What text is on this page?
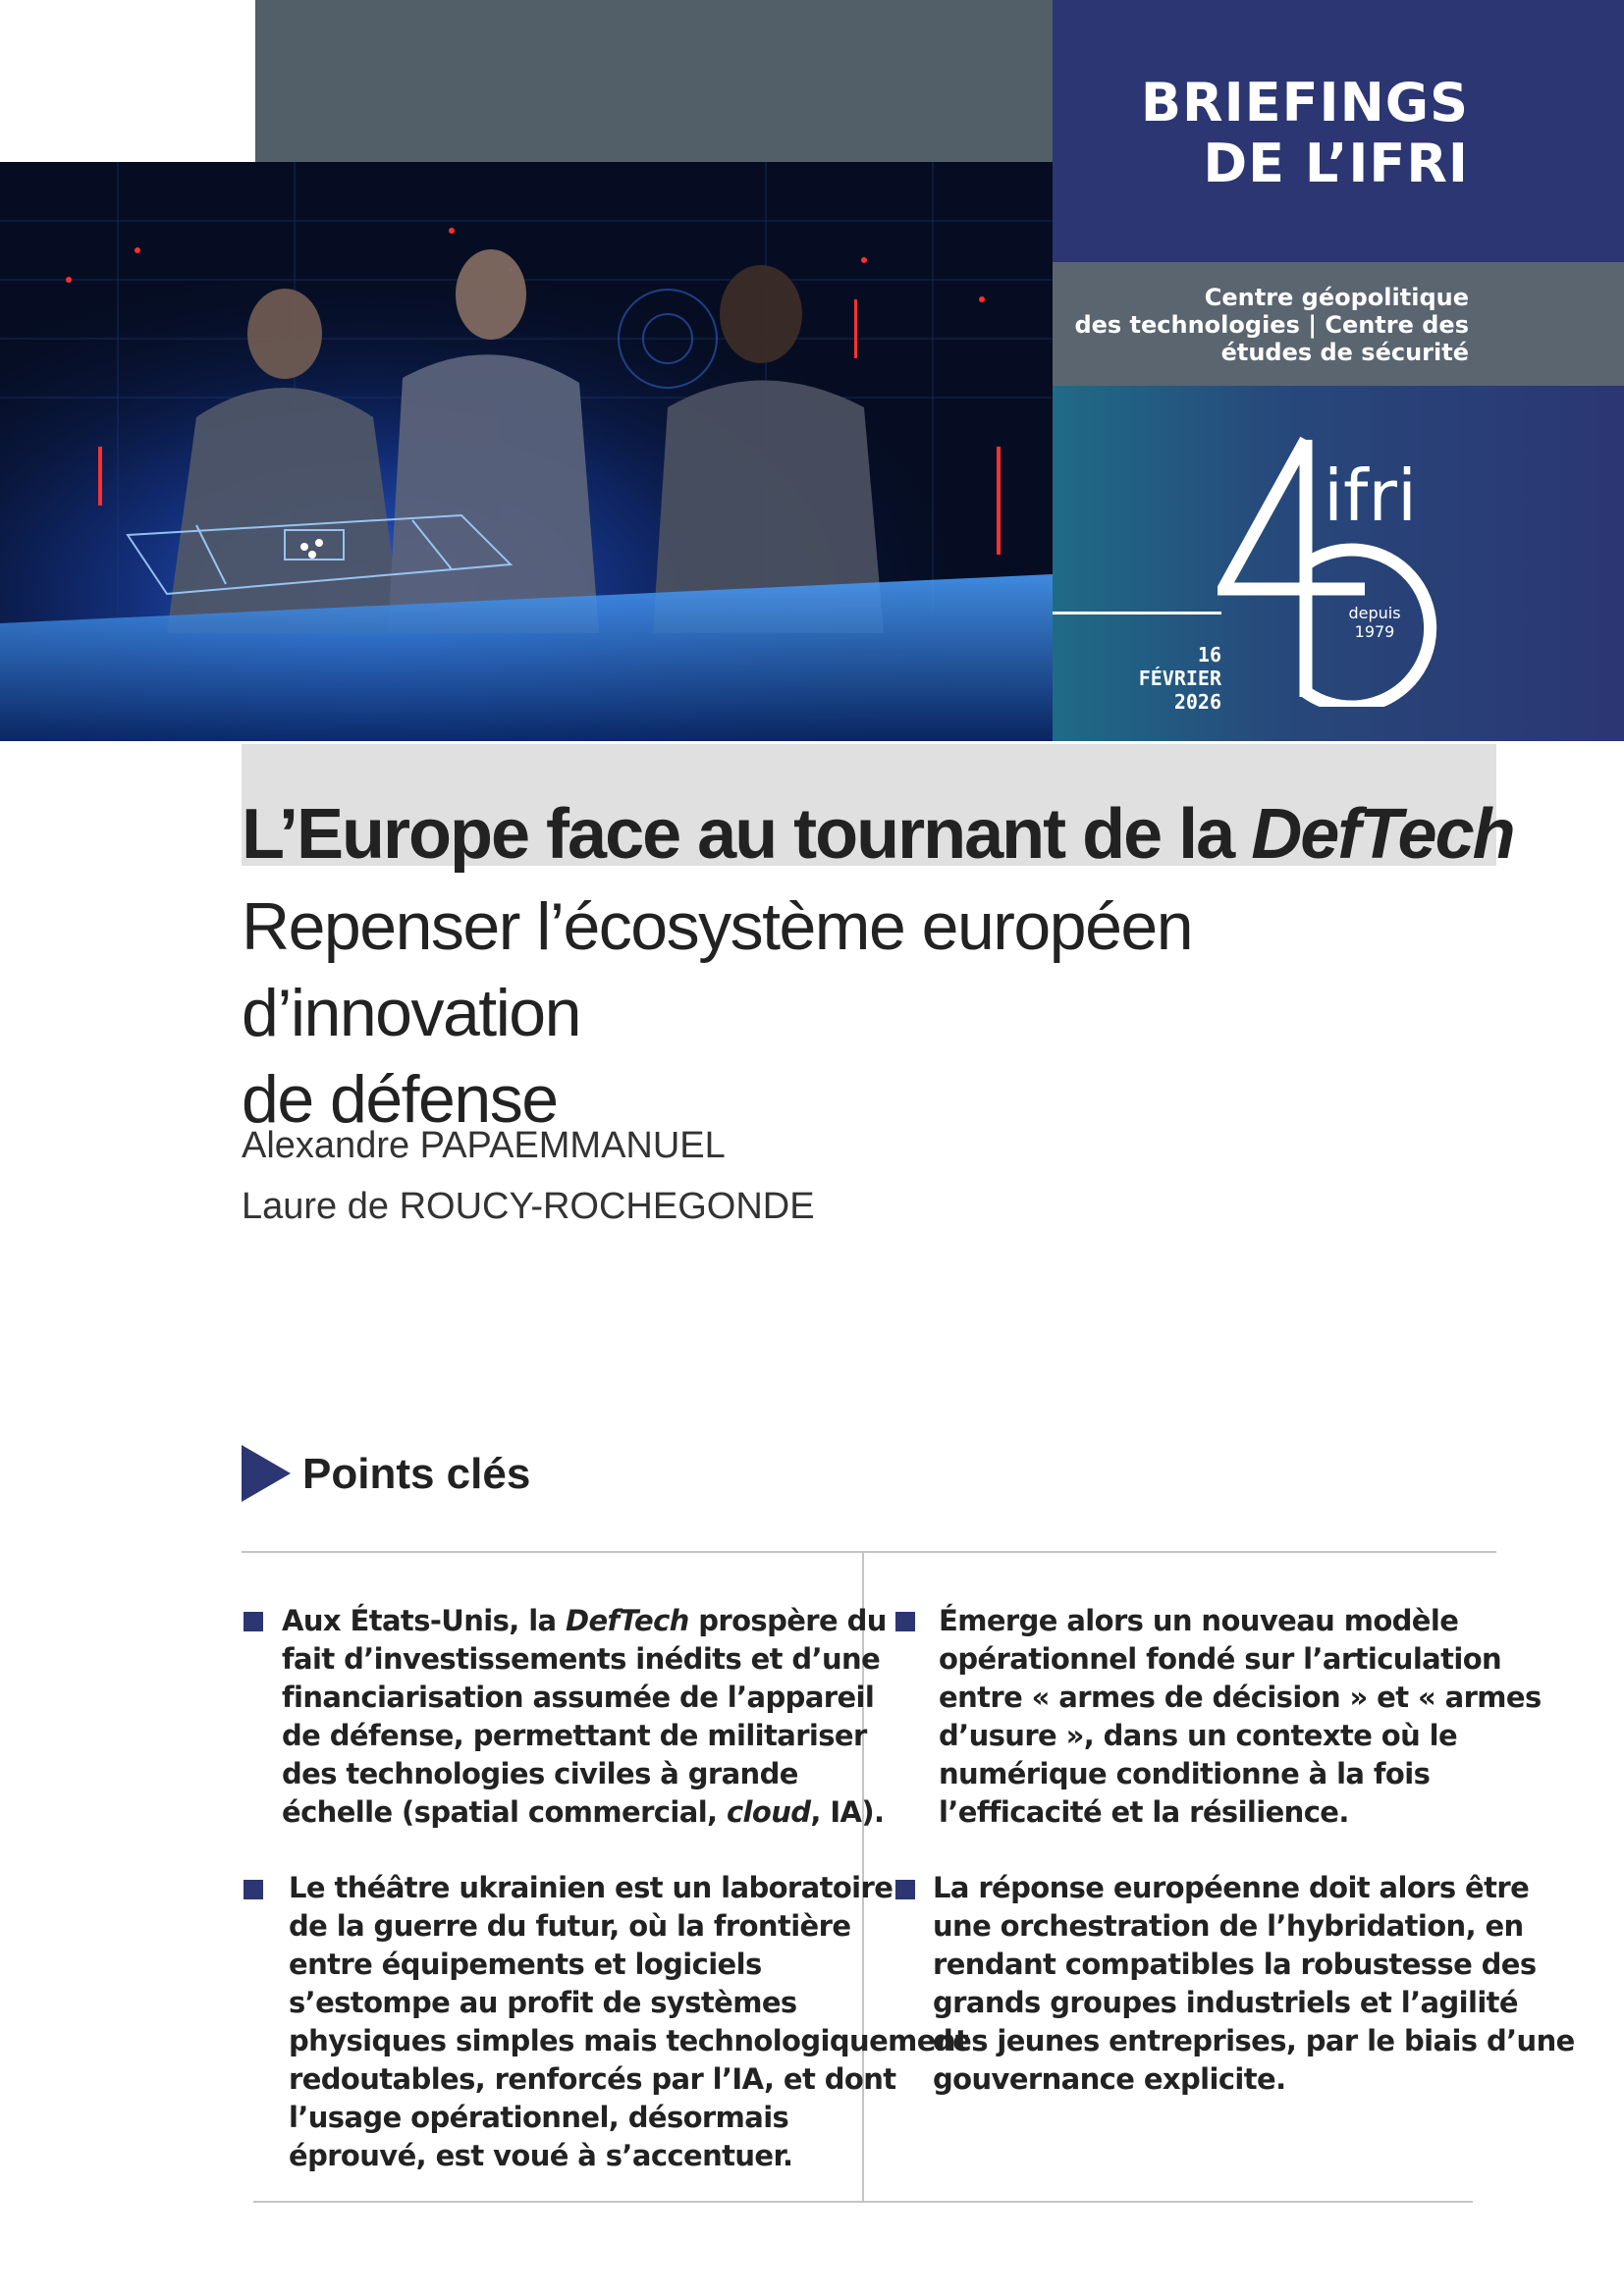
BRIEFINGS
DE L’IFRI
Centre géopolitique
des technologies | Centre des
études de sécurité
16
FÉVRIER
2026
ifri
depuis
1979
L’Europe face au tournant de la DefTech
Repenser l’écosystème européen d’innovation
de défense
Alexandre PAPAEMMANUEL
Laure de ROUCY-ROCHEGONDE
Points clés
Aux États-Unis, la DefTech prospère du
fait d’investissements inédits et d’une
financiarisation assumée de l’appareil
de défense, permettant de militariser
des technologies civiles à grande
échelle (spatial commercial, cloud, IA).
Le théâtre ukrainien est un laboratoire
de la guerre du futur, où la frontière
entre équipements et logiciels
s’estompe au profit de systèmes
physiques simples mais technologiquement
redoutables, renforcés par l’IA, et dont
l’usage opérationnel, désormais
éprouvé, est voué à s’accentuer.
Émerge alors un nouveau modèle
opérationnel fondé sur l’articulation
entre « armes de décision » et « armes
d’usure », dans un contexte où le
numérique conditionne à la fois
l’efficacité et la résilience.
La réponse européenne doit alors être
une orchestration de l’hybridation, en
rendant compatibles la robustesse des
grands groupes industriels et l’agilité
des jeunes entreprises, par le biais d’une
gouvernance explicite.
